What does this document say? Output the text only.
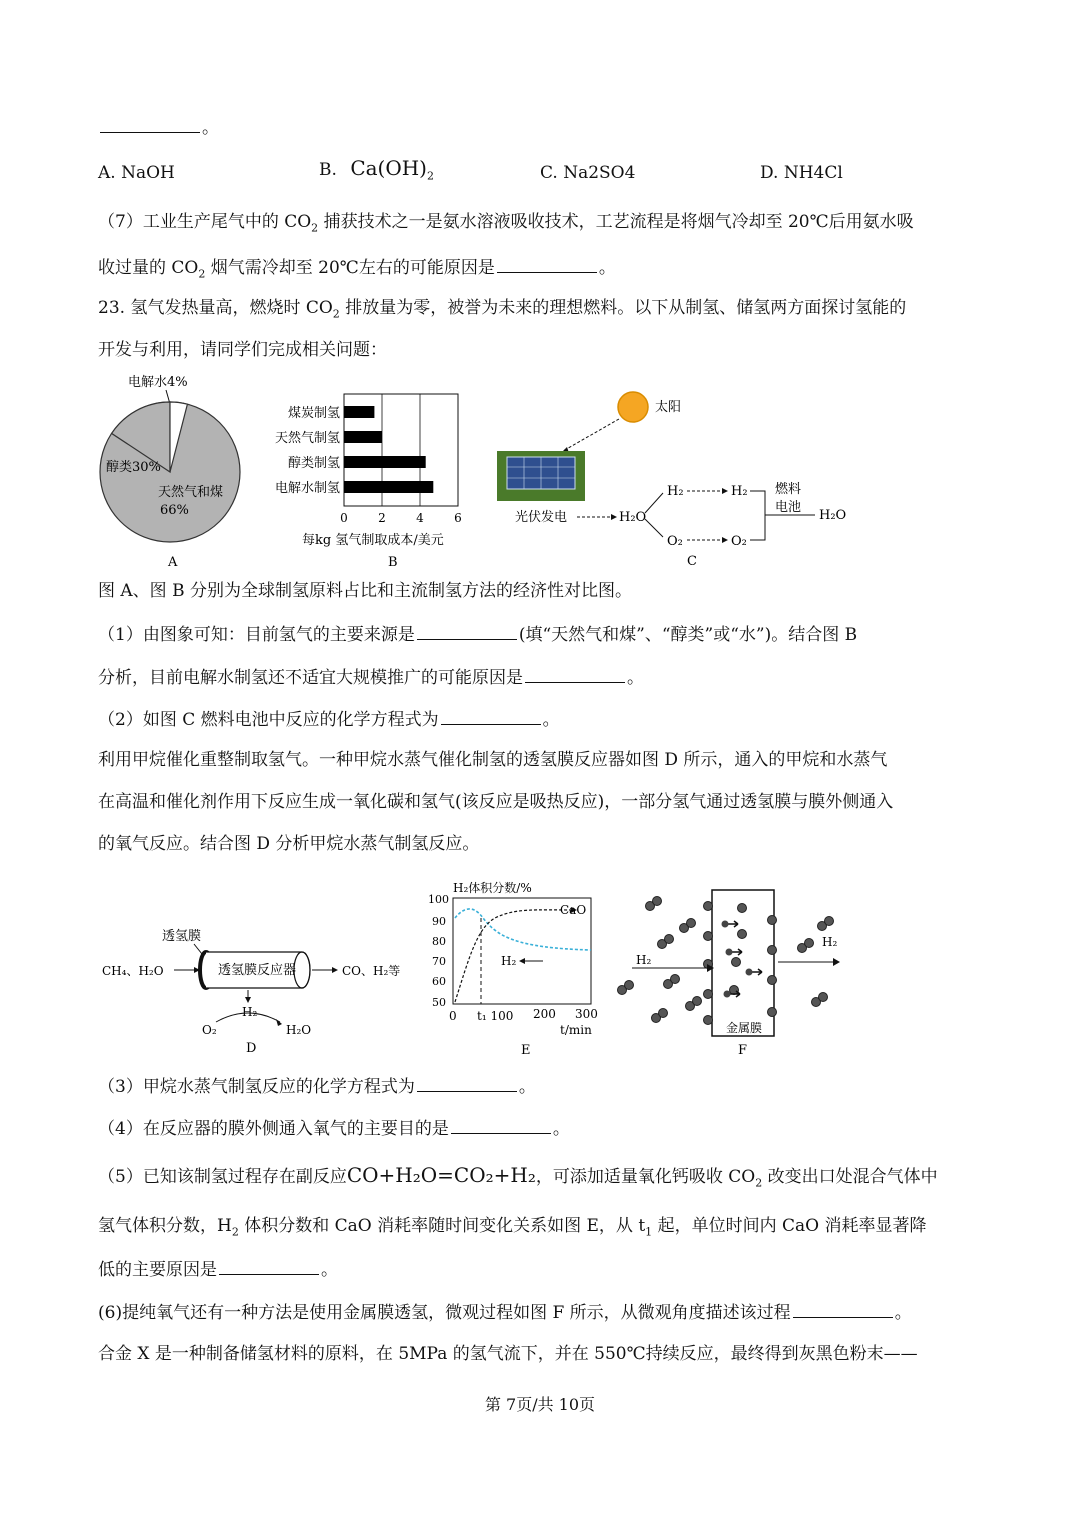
。
A. NaOH	B. $Ca(OH)_2$	C. Na2SO4	D. NH4Cl
（7）工业生产尾气中的 $CO_2$ 捕获技术之一是氨水溶液吸收技术，工艺流程是将烟气冷却至 20℃后用氨水吸
收过量的 $CO_2$ 烟气需冷却至 20℃左右的可能原因是	。
23. 氢气发热量高，燃烧时 $CO_2$ 排放量为零，被誉为未来的理想燃料。以下从制氢、储氢两方面探讨氢能的
开发与利用，请同学们完成相关问题：
电解水4%
醇类30%
天然气和煤
66%
A
煤炭制氢
天然气制氢
醇类制氢
电解水制氢
0	2	4	6
每kg 氢气制取成本/美元
B
太阳
光伏发电	H₂O
H₂
O₂
H₂
O₂
燃料
电池
H₂O
C
图 A、图 B 分别为全球制氢原料占比和主流制氢方法的经济性对比图。
（1）由图象可知：目前氢气的主要来源是	(填“天然气和煤”、“醇类”或“水”)。结合图 B
分析，目前电解水制氢还不适宜大规模推广的可能原因是	。
（2）如图 C 燃料电池中反应的化学方程式为	。
利用甲烷催化重整制取氢气。一种甲烷水蒸气催化制氢的透氢膜反应器如图 D 所示，通入的甲烷和水蒸气
在高温和催化剂作用下反应生成一氧化碳和氢气(该反应是吸热反应)，一部分氢气通过透氢膜与膜外侧通入
的氧气反应。结合图 D 分析甲烷水蒸气制氢反应。
透氢膜
CH₄、H₂O	透氢膜反应器	CO、H₂等
H₂
O₂	H₂O
D
H₂体积分数/%
100
90
80
70
60
50
CaO
H₂
0 t₁ 100 200 300
t/min
E
H₂
H₂
金属膜
F
（3）甲烷水蒸气制氢反应的化学方程式为	。
（4）在反应器的膜外侧通入氧气的主要目的是	。
（5）已知该制氢过程存在副反应CO+H₂O=CO₂+H₂，可添加适量氧化钙吸收 $CO_2$ 改变出口处混合气体中
氢气体积分数，$H_2$ 体积分数和 CaO 消耗率随时间变化关系如图 E，从 $t_1$ 起，单位时间内 CaO 消耗率显著降
低的主要原因是	。
(6)提纯氧气还有一种方法是使用金属膜透氢，微观过程如图 F 所示，从微观角度描述该过程	。
合金 X 是一种制备储氢材料的原料，在 5MPa 的氢气流下，并在 550℃持续反应，最终得到灰黑色粉末——
第 7页/共 10页
